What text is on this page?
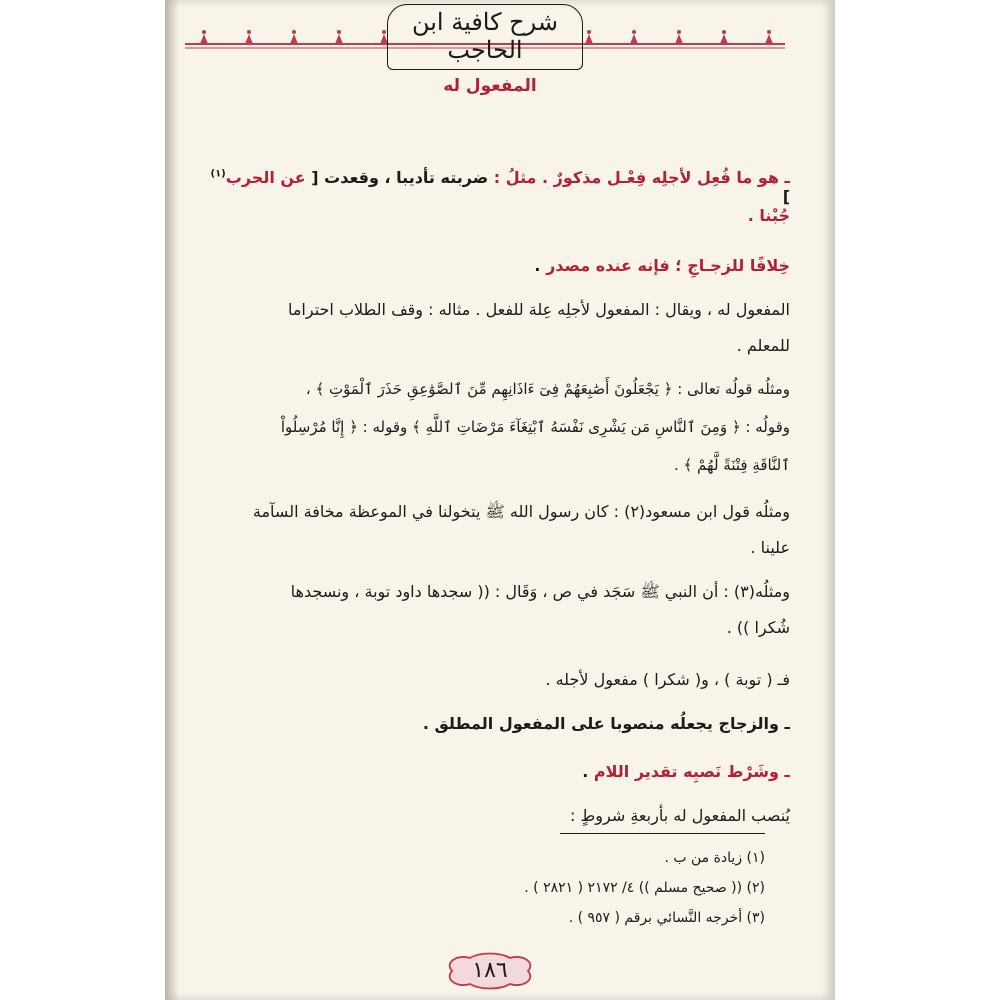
شرح كافية ابن الحاجب
المفعول له
ـ هو ما فُعِل لأجلِه فِعْـل مذكورٌ . مثلُ : ضربته تأديبا ، وقعدت [ عن الحرب$^{(١)}$ ]
جُبْنا .
خِلافًا للزجـاجِ ؛ فإنه عنده مصدر .
المفعول له ، ويقال : المفعول لأجلِه عِلة للفعل . مثاله : وقف الطلاب احتراما
للمعلم .
ومثلُه قولُه تعالى : ﴿ يَجْعَلُونَ أَصَٰبِعَهُمْ فِىٓ ءَاذَانِهِم مِّنَ ٱلصَّوَٰعِقِ حَذَرَ ٱلْمَوْتِ ﴾ ،
وقولُه : ﴿ وَمِنَ ٱلنَّاسِ مَن يَشْرِى نَفْسَهُ ٱبْتِغَآءَ مَرْضَاتِ ٱللَّهِ ﴾ وقوله : ﴿ إِنَّا مُرْسِلُواْ
ٱلنَّاقَةِ فِتْنَةً لَّهُمْ ﴾ .
ومثلُه قول ابن مسعود(٢) : كان رسول الله ﷺ يتخولنا في الموعظة مخافة السآمة
علينا .
ومثلُه(٣) : أن النبي ﷺ سَجَد في ص ، وَقَال : (( سجدها داود توبة ، ونسجدها
شُكرا )) .
فـ ( توبة ) ، و( شكرا ) مفعول لأجله .
ـ والزجاج يجعلُه منصوبا على المفعول المطلق .
ـ وشَرْط نَصبِه تقدير اللام .
يُنصب المفعول له بأربعةِ شروطٍ :
(١) زيادة من ب .
(٢) (( صحيح مسلم )) ٤/ ٢١٧٢ ( ٢٨٢١ ) .
(٣) أخرجه النَّسائي برقم ( ٩٥٧ ) .
١٨٦
